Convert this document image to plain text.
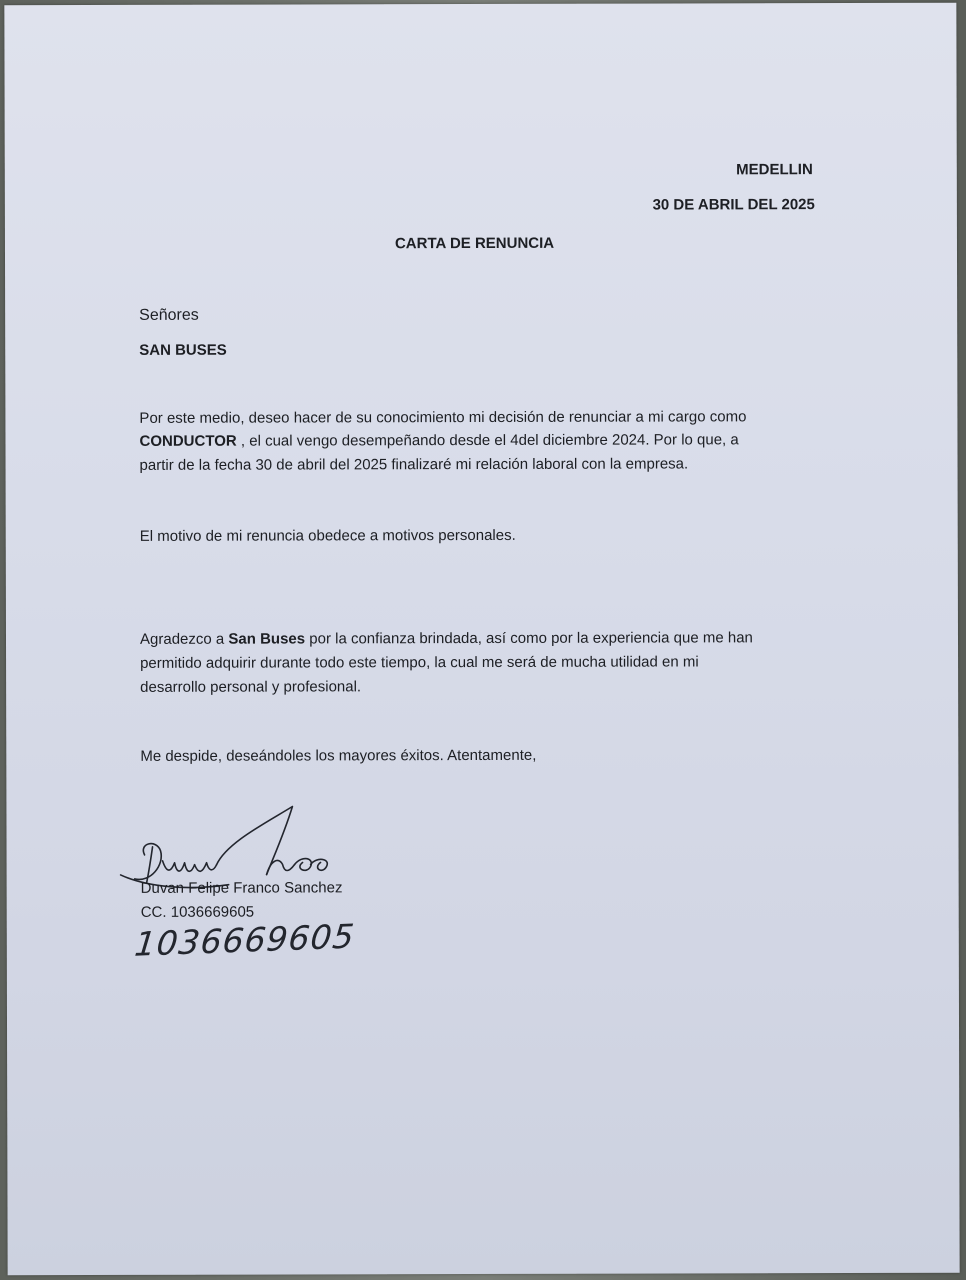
MEDELLIN
30 DE ABRIL DEL 2025
CARTA DE RENUNCIA
Señores
SAN BUSES
Por este medio, deseo hacer de su conocimiento mi decisión de renunciar a mi cargo como
CONDUCTOR , el cual vengo desempeñando desde el 4del diciembre 2024. Por lo que, a
partir de la fecha 30 de abril del 2025 finalizaré mi relación laboral con la empresa.
El motivo de mi renuncia obedece a motivos personales.
Agradezco a San Buses por la confianza brindada, así como por la experiencia que me han
permitido adquirir durante todo este tiempo, la cual me será de mucha utilidad en mi
desarrollo personal y profesional.
Me despide, deseándoles los mayores éxitos. Atentamente,
Duvan Felipe Franco Sanchez
CC. 1036669605
1036669605
